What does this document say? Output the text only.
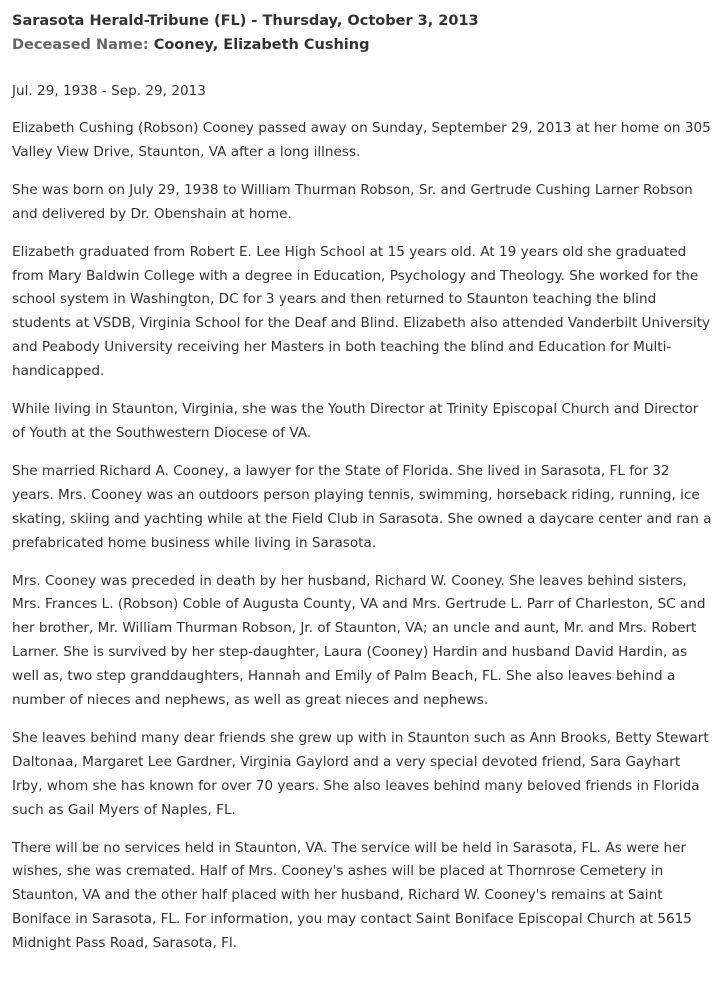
Sarasota Herald-Tribune (FL) - Thursday, October 3, 2013
Deceased Name: Cooney, Elizabeth Cushing
Jul. 29, 1938 - Sep. 29, 2013
Elizabeth Cushing (Robson) Cooney passed away on Sunday, September 29, 2013 at her home on 305 Valley View Drive, Staunton, VA after a long illness.
She was born on July 29, 1938 to William Thurman Robson, Sr. and Gertrude Cushing Larner Robson and delivered by Dr. Obenshain at home.
Elizabeth graduated from Robert E. Lee High School at 15 years old. At 19 years old she graduated from Mary Baldwin College with a degree in Education, Psychology and Theology. She worked for the school system in Washington, DC for 3 years and then returned to Staunton teaching the blind students at VSDB, Virginia School for the Deaf and Blind. Elizabeth also attended Vanderbilt University and Peabody University receiving her Masters in both teaching the blind and Education for Multi-handicapped.
While living in Staunton, Virginia, she was the Youth Director at Trinity Episcopal Church and Director of Youth at the Southwestern Diocese of VA.
She married Richard A. Cooney, a lawyer for the State of Florida. She lived in Sarasota, FL for 32 years. Mrs. Cooney was an outdoors person playing tennis, swimming, horseback riding, running, ice skating, skiing and yachting while at the Field Club in Sarasota. She owned a daycare center and ran a prefabricated home business while living in Sarasota.
Mrs. Cooney was preceded in death by her husband, Richard W. Cooney. She leaves behind sisters, Mrs. Frances L. (Robson) Coble of Augusta County, VA and Mrs. Gertrude L. Parr of Charleston, SC and her brother, Mr. William Thurman Robson, Jr. of Staunton, VA; an uncle and aunt, Mr. and Mrs. Robert Larner. She is survived by her step-daughter, Laura (Cooney) Hardin and husband David Hardin, as well as, two step granddaughters, Hannah and Emily of Palm Beach, FL. She also leaves behind a number of nieces and nephews, as well as great nieces and nephews.
She leaves behind many dear friends she grew up with in Staunton such as Ann Brooks, Betty Stewart Daltonaa, Margaret Lee Gardner, Virginia Gaylord and a very special devoted friend, Sara Gayhart Irby, whom she has known for over 70 years. She also leaves behind many beloved friends in Florida such as Gail Myers of Naples, FL.
There will be no services held in Staunton, VA. The service will be held in Sarasota, FL. As were her wishes, she was cremated. Half of Mrs. Cooney's ashes will be placed at Thornrose Cemetery in Staunton, VA and the other half placed with her husband, Richard W. Cooney's remains at Saint Boniface in Sarasota, FL. For information, you may contact Saint Boniface Episcopal Church at 5615 Midnight Pass Road, Sarasota, Fl.
